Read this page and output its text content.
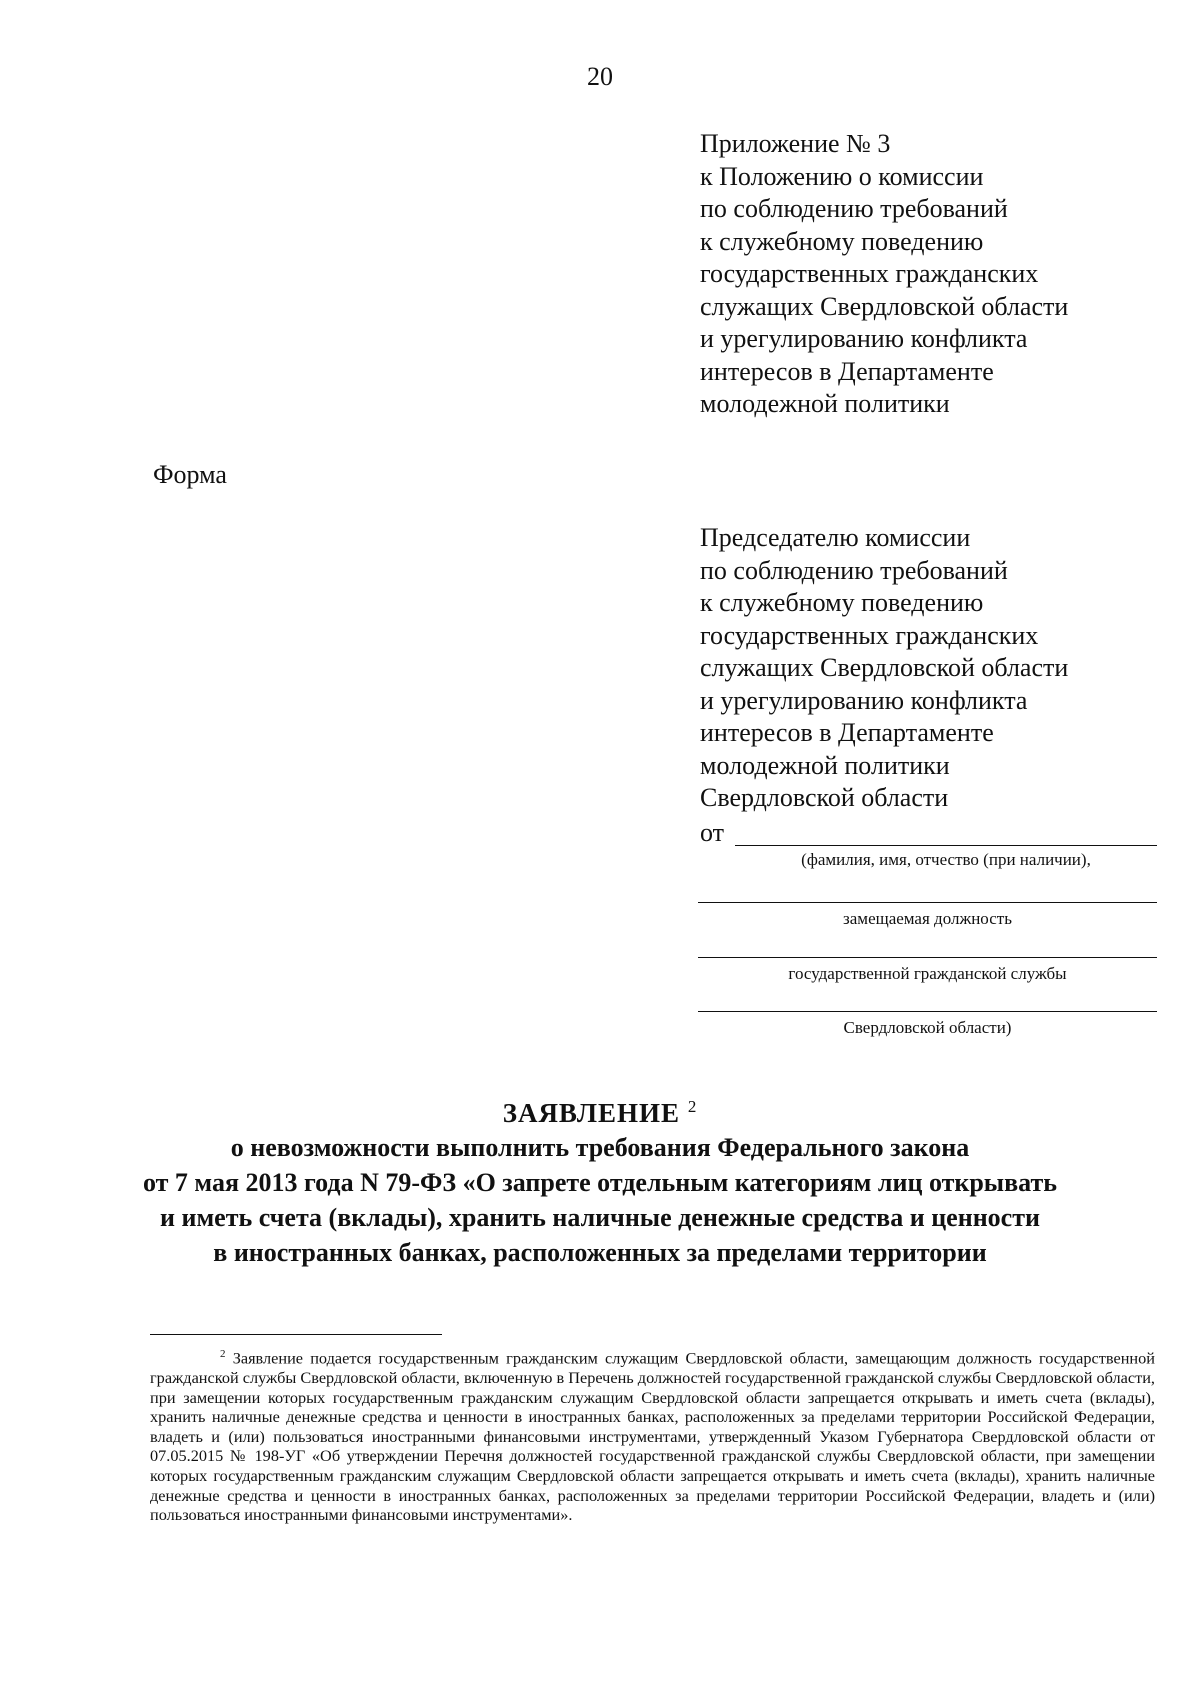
20
Приложение № 3
к Положению о комиссии
по соблюдению требований
к служебному поведению
государственных гражданских
служащих Свердловской области
и урегулированию конфликта
интересов в Департаменте
молодежной политики
Форма
Председателю комиссии
по соблюдению требований
к служебному поведению
государственных гражданских
служащих Свердловской области
и урегулированию конфликта
интересов в Департаменте
молодежной политики
Свердловской области
от
(фамилия, имя, отчество (при наличии),
замещаемая должность
государственной гражданской службы
Свердловской области)
ЗАЯВЛЕНИЕ $^2$
о невозможности выполнить требования Федерального закона
от 7 мая 2013 года N 79-ФЗ «О запрете отдельным категориям лиц открывать
и иметь счета (вклады), хранить наличные денежные средства и ценности
в иностранных банках, расположенных за пределами территории
$^2$ Заявление подается государственным гражданским служащим Свердловской области, замещающим должность государственной гражданской службы Свердловской области, включенную в Перечень должностей государственной гражданской службы Свердловской области, при замещении которых государственным гражданским служащим Свердловской области запрещается открывать и иметь счета (вклады), хранить наличные денежные средства и ценности в иностранных банках, расположенных за пределами территории Российской Федерации, владеть и (или) пользоваться иностранными финансовыми инструментами, утвержденный Указом Губернатора Свердловской области от 07.05.2015 № 198-УГ «Об утверждении Перечня должностей государственной гражданской службы Свердловской области, при замещении которых государственным гражданским служащим Свердловской области запрещается открывать и иметь счета (вклады), хранить наличные денежные средства и ценности в иностранных банках, расположенных за пределами территории Российской Федерации, владеть и (или) пользоваться иностранными финансовыми инструментами».
